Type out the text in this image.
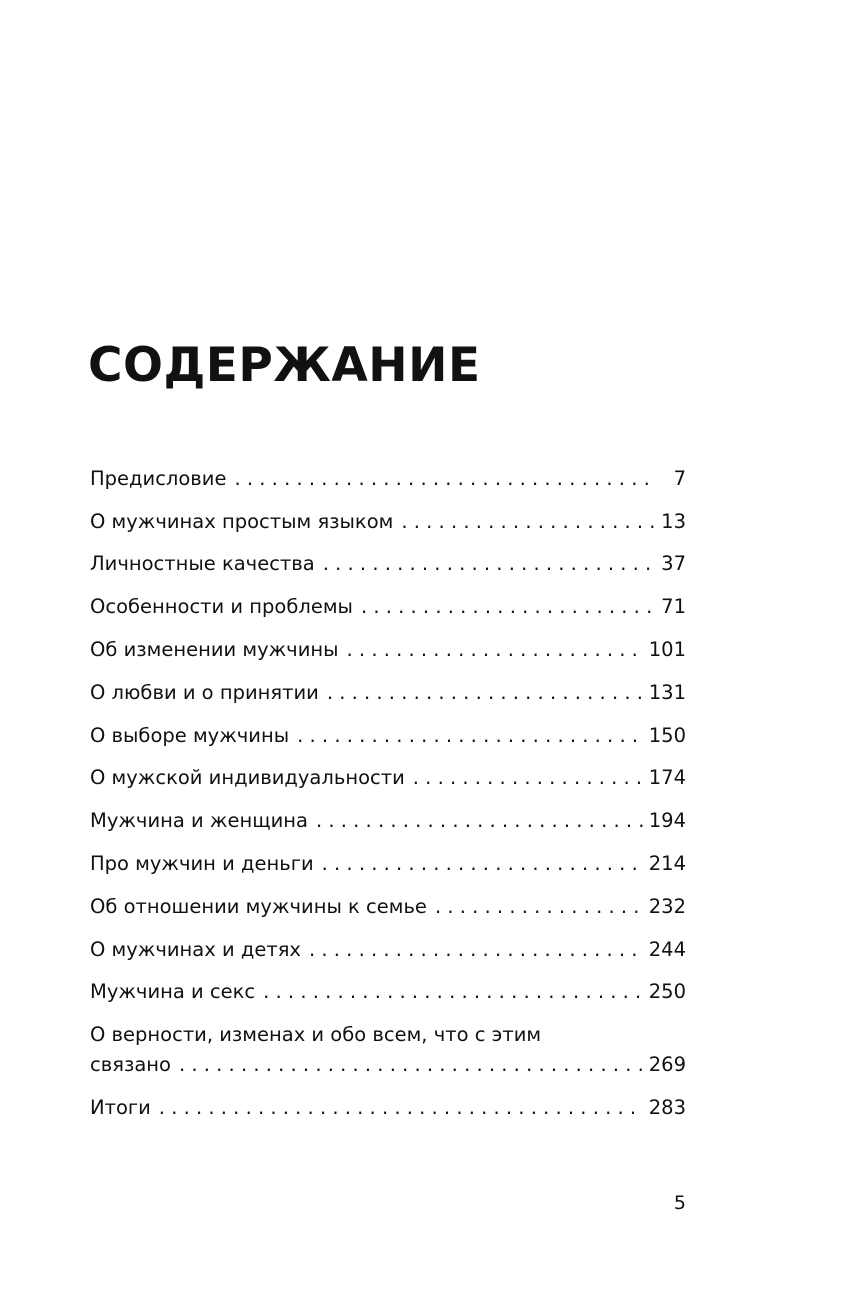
СОДЕРЖАНИЕ
Предисловие . . .	7
О мужчинах простым языком . . .	13
Личностные качества . . .	37
Особенности и проблемы . . .	71
Об изменении мужчины . . .	101
О любви и о принятии . . .	131
О выборе мужчины . . .	150
О мужской индивидуальности . . .	174
Мужчина и женщина . . .	194
Про мужчин и деньги . . .	214
Об отношении мужчины к семье . . .	232
О мужчинах и детях . . .	244
Мужчина и секс . . .	250
О верности, изменах и обо всем, что с этим
связано . . .	269
Итоги . . .	283
5
